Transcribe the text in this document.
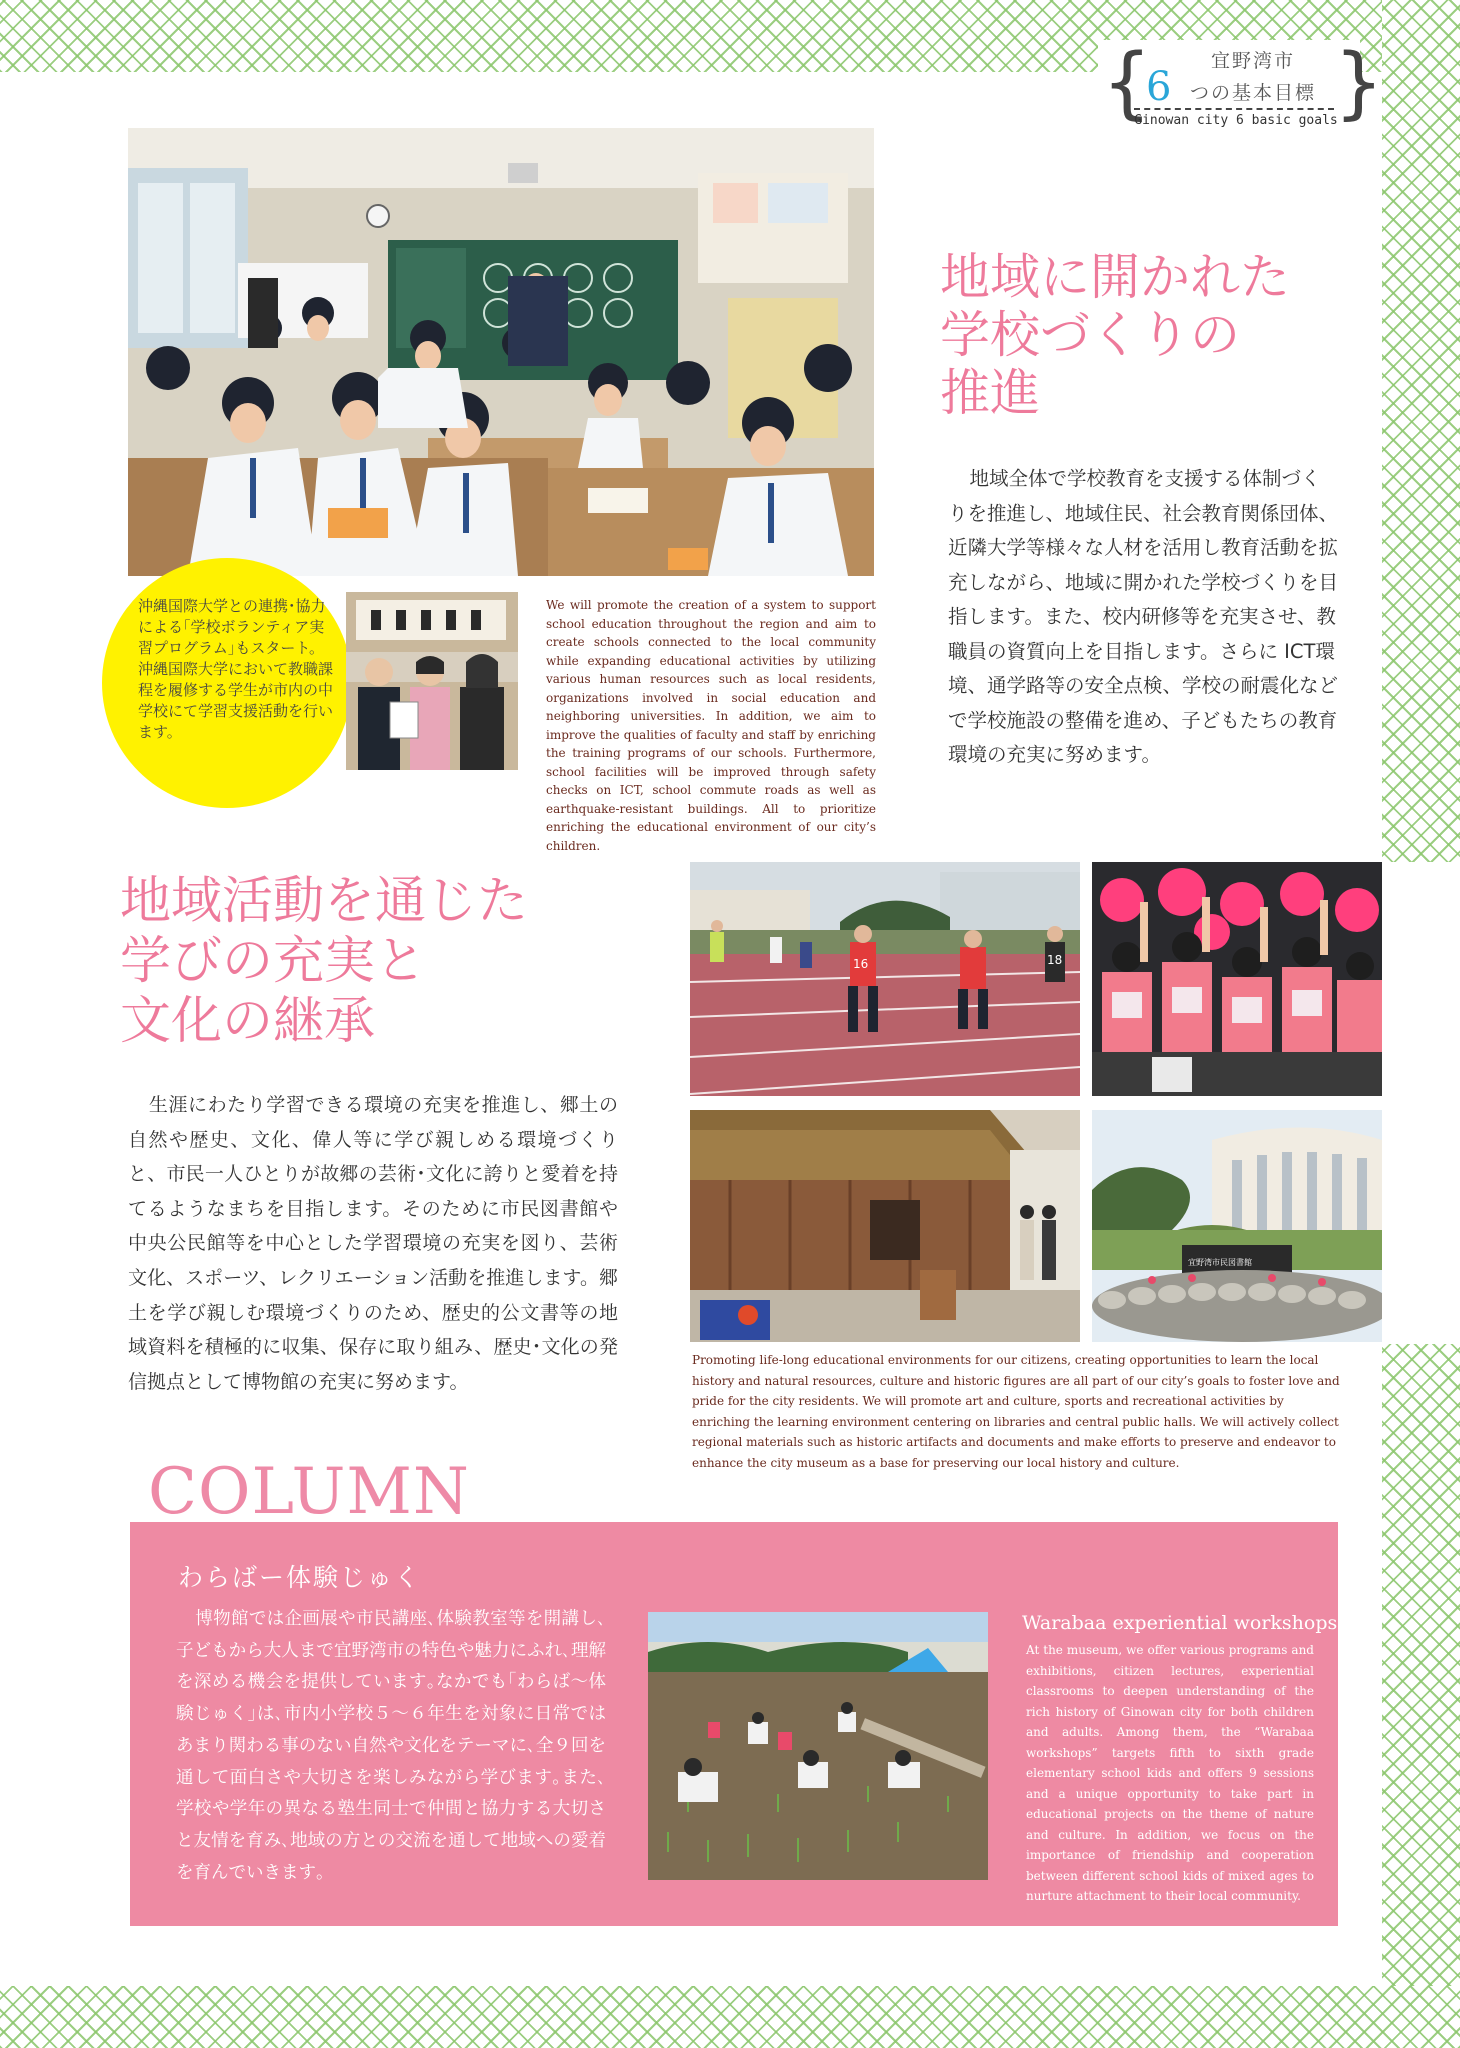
{ }
宜野湾市
6 つの基本目標
Ginowan city 6 basic goals
沖縄国際大学との連携･協力による｢学校ボランティア実習プログラム｣もスタート。沖縄国際大学において教職課程を履修する学生が市内の中学校にて学習支援活動を行います。
We will promote the creation of a system to support school education throughout the region and aim to create schools connected to the local community while expanding educational activities by utilizing various human resources such as local residents, organizations involved in social education and neighboring universities. In addition, we aim to improve the qualities of faculty and staff by enriching the training programs of our schools. Furthermore, school facilities will be improved through safety checks on ICT, school commute roads as well as earthquake-resistant buildings. All to prioritize enriching the educational environment of our city’s children.
地域に開かれた
学校づくりの
推進
地域全体で学校教育を支援する体制づくりを推進し、地域住民、社会教育関係団体、近隣大学等様々な人材を活用し教育活動を拡充しながら、地域に開かれた学校づくりを目指します。また、校内研修等を充実させ、教職員の資質向上を目指します。さらに ICT環境、通学路等の安全点検、学校の耐震化などで学校施設の整備を進め、子どもたちの教育環境の充実に努めます。
地域活動を通じた
学びの充実と
文化の継承
生涯にわたり学習できる環境の充実を推進し、郷土の自然や歴史、文化、偉人等に学び親しめる環境づくりと、市民一人ひとりが故郷の芸術･文化に誇りと愛着を持てるようなまちを目指します。そのために市民図書館や中央公民館等を中心とした学習環境の充実を図り、芸術文化、スポーツ、レクリエーション活動を推進します。郷土を学び親しむ環境づくりのため、歴史的公文書等の地域資料を積極的に収集、保存に取り組み、歴史･文化の発信拠点として博物館の充実に努めます。
16	18
宜野湾市民図書館
Promoting life-long educational environments for our citizens, creating opportunities to learn the local history and natural resources, culture and historic figures are all part of our city’s goals to foster love and pride for the city residents. We will promote art and culture, sports and recreational activities by enriching the learning environment centering on libraries and central public halls. We will actively collect regional materials such as historic artifacts and documents and make efforts to preserve and endeavor to enhance the city museum as a base for preserving our local history and culture.
COLUMN
わらばー体験じゅく
博物館では企画展や市民講座､体験教室等を開講し､子どもから大人まで宜野湾市の特色や魅力にふれ､理解を深める機会を提供しています｡なかでも｢わらば～体験じゅく｣は､市内小学校５～６年生を対象に日常ではあまり関わる事のない自然や文化をテーマに､全９回を通して面白さや大切さを楽しみながら学びます｡また､学校や学年の異なる塾生同士で仲間と協力する大切さと友情を育み､地域の方との交流を通して地域への愛着を育んでいきます｡
Warabaa experiential workshops
At the museum, we offer various programs and exhibitions, citizen lectures, experiential classrooms to deepen understanding of the rich history of Ginowan city for both children and adults. Among them, the “Warabaa workshops” targets fifth to sixth grade elementary school kids and offers 9 sessions and a unique opportunity to take part in educational projects on the theme of nature and culture. In addition, we focus on the importance of friendship and cooperation between different school kids of mixed ages to nurture attachment to their local community.
